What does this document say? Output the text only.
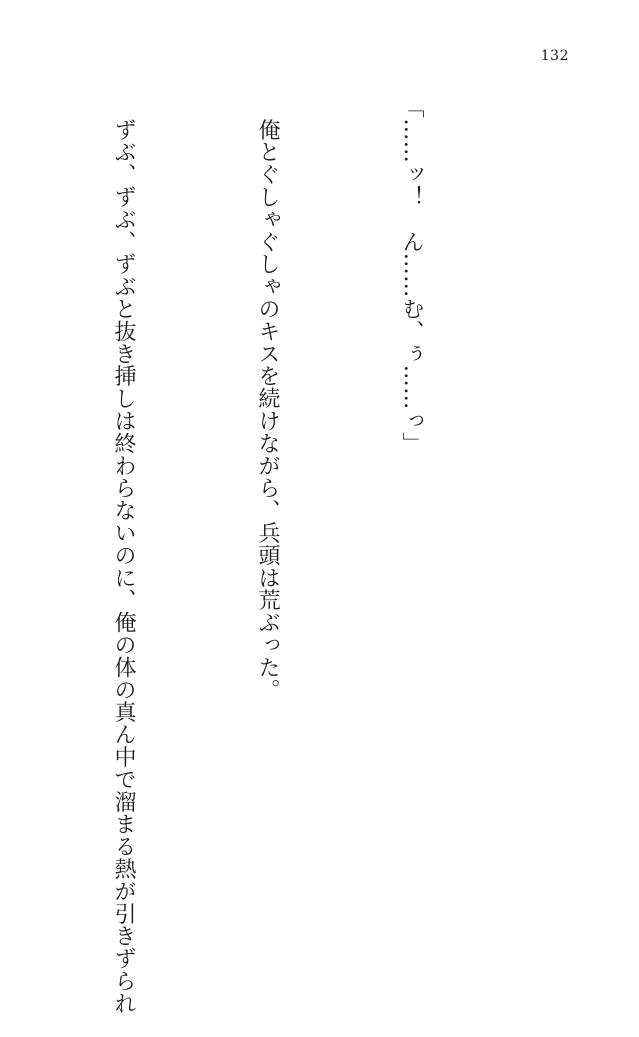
132

「……ッ！　ん……む、ぅ……っ」

　俺とぐしゃぐしゃのキスを続けながら、兵頭は荒ぶった。

　ずぶ、ずぶ、ずぶと抜き挿しは終わらないのに、俺の体の真ん中で溜まる熱が引きずられ
